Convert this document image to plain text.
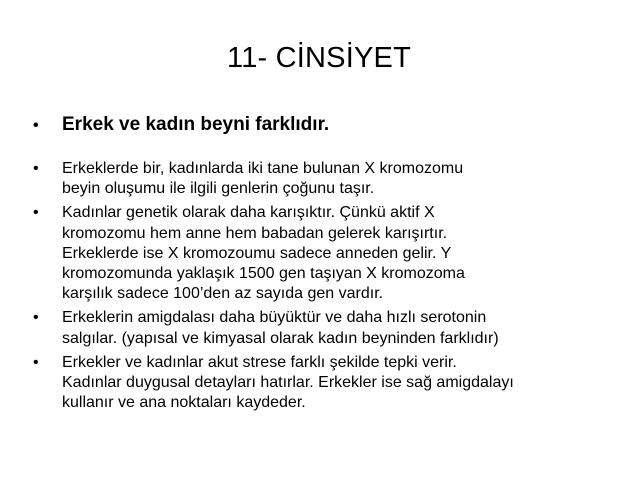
11- CİNSİYET
• Erkek ve kadın beyni farklıdır.
• Erkeklerde bir, kadınlarda iki tane bulunan X kromozomu
beyin oluşumu ile ilgili genlerin çoğunu taşır.
• Kadınlar genetik olarak daha karışıktır. Çünkü aktif X
kromozomu hem anne hem babadan gelerek karışırtır.
Erkeklerde ise X kromozoumu sadece anneden gelir. Y
kromozomunda yaklaşık 1500 gen taşıyan X kromozoma
karşılık sadece 100’den az sayıda gen vardır.
• Erkeklerin amigdalası daha büyüktür ve daha hızlı serotonin
salgılar. (yapısal ve kimyasal olarak kadın beyninden farklıdır)
• Erkekler ve kadınlar akut strese farklı şekilde tepki verir.
Kadınlar duygusal detayları hatırlar. Erkekler ise sağ amigdalayı
kullanır ve ana noktaları kaydeder.
